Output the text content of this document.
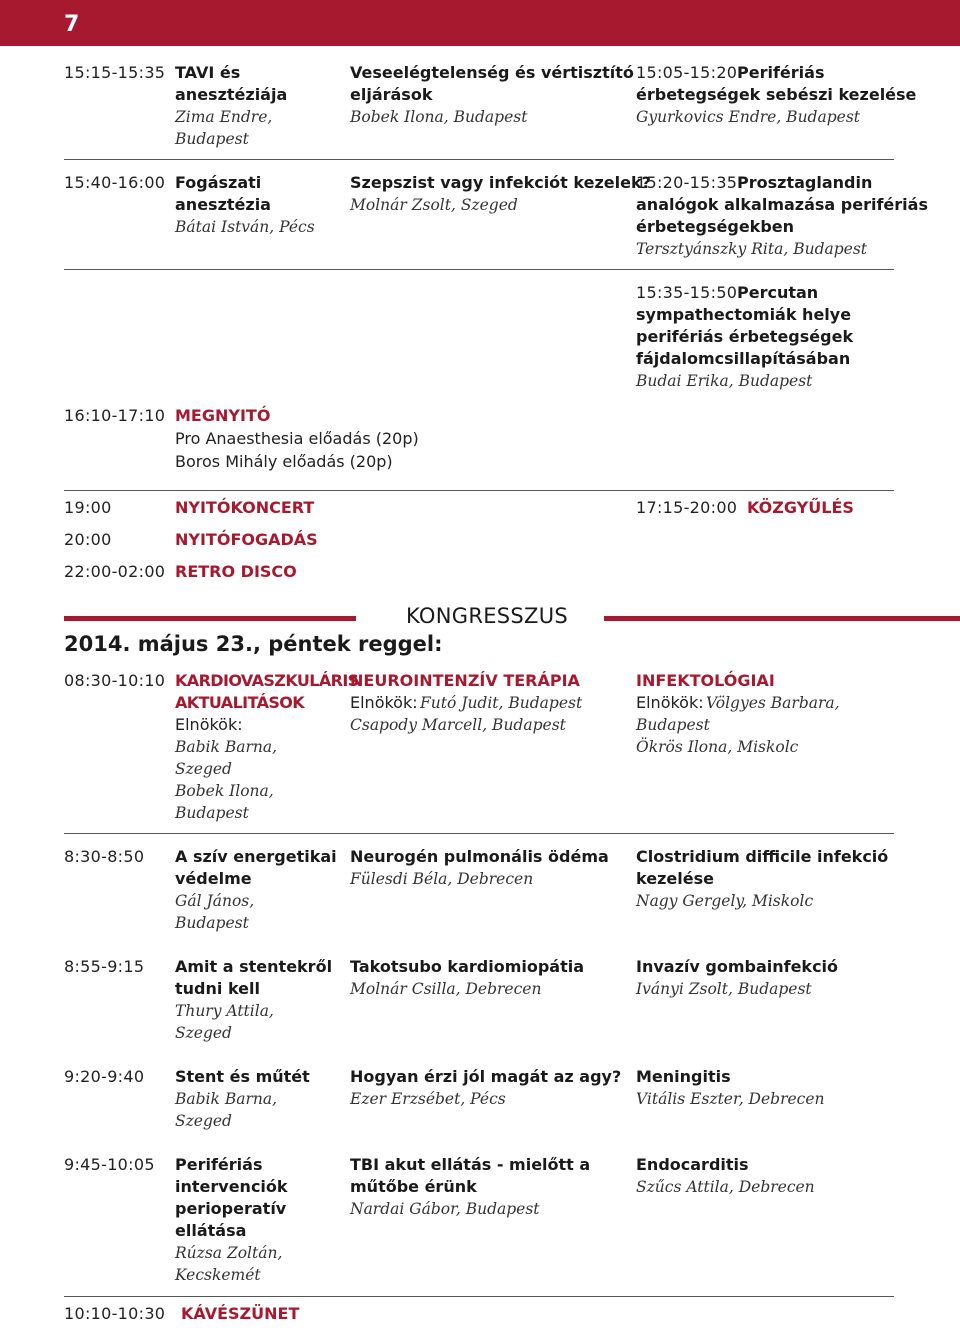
7
15:15-15:35 TAVI és
anesztéziája
Zima Endre,
Budapest
Veseelégtelenség és vértisztító
eljárások
Bobek Ilona, Budapest
15:05-15:20 Perifériás
érbetegségek sebészi kezelése
Gyurkovics Endre, Budapest
15:40-16:00 Fogászati
anesztézia
Bátai István, Pécs
Szepszist vagy infekciót kezelek?
Molnár Zsolt, Szeged
15:20-15:35 Prosztaglandin
analógok alkalmazása perifériás
érbetegségekben
Tersztyánszky Rita, Budapest
15:35-15:50 Percutan
sympathectomiák helye
perifériás érbetegségek
fájdalomcsillapításában
Budai Erika, Budapest
16:10-17:10 MEGNYITÓ
Pro Anaesthesia előadás (20p)
Boros Mihály előadás (20p)
19:00	NYITÓKONCERT
20:00	NYITÓFOGADÁS
22:00-02:00 RETRO DISCO
17:15-20:00 KÖZGYŰLÉS
KONGRESSZUS
2014. május 23., péntek reggel:
08:30-10:10 KARDIOVASZKULÁRIS
AKTUALITÁSOK
Elnökök:
Babik Barna,
Szeged
Bobek Ilona,
Budapest
NEUROINTENZÍV TERÁPIA
Elnökök: Futó Judit, Budapest
Csapody Marcell, Budapest
INFEKTOLÓGIAI
Elnökök: Völgyes Barbara,
Budapest
Ökrös Ilona, Miskolc
8:30-8:50 A szív energetikai
védelme
Gál János,
Budapest
Neurogén pulmonális ödéma
Fülesdi Béla, Debrecen
Clostridium difficile infekció
kezelése
Nagy Gergely, Miskolc
8:55-9:15 Amit a stentekről
tudni kell
Thury Attila,
Szeged
Takotsubo kardiomiopátia
Molnár Csilla, Debrecen
Invazív gombainfekció
Iványi Zsolt, Budapest
9:20-9:40 Stent és műtét
Babik Barna,
Szeged
Hogyan érzi jól magát az agy?
Ezer Erzsébet, Pécs
Meningitis
Vitális Eszter, Debrecen
9:45-10:05 Perifériás
intervenciók
perioperatív
ellátása
Rúzsa Zoltán,
Kecskemét
TBI akut ellátás - mielőtt a
műtőbe érünk
Nardai Gábor, Budapest
Endocarditis
Szűcs Attila, Debrecen
10:10-10:30 KÁVÉSZÜNET
